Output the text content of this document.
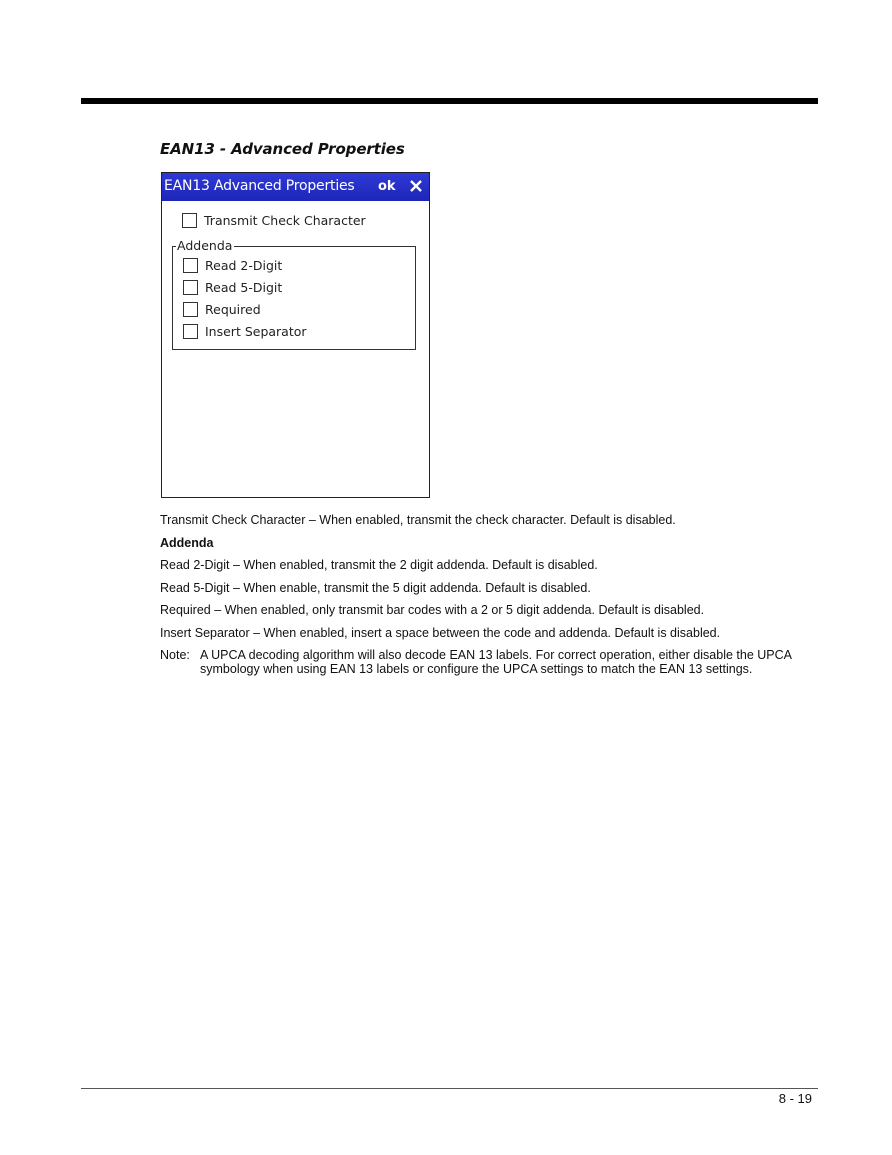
EAN13 - Advanced Properties
EAN13 Advanced Properties ok
Transmit Check Character
Addenda
Read 2-Digit
Read 5-Digit
Required
Insert Separator
Transmit Check Character – When enabled, transmit the check character. Default is disabled.
Addenda
Read 2-Digit – When enabled, transmit the 2 digit addenda. Default is disabled.
Read 5-Digit – When enable, transmit the 5 digit addenda. Default is disabled.
Required – When enabled, only transmit bar codes with a 2 or 5 digit addenda. Default is disabled.
Insert Separator – When enabled, insert a space between the code and addenda. Default is disabled.
Note: A UPCA decoding algorithm will also decode EAN 13 labels. For correct operation, either disable the UPCA symbology when using EAN 13 labels or configure the UPCA settings to match the EAN 13 settings.
8 - 19
